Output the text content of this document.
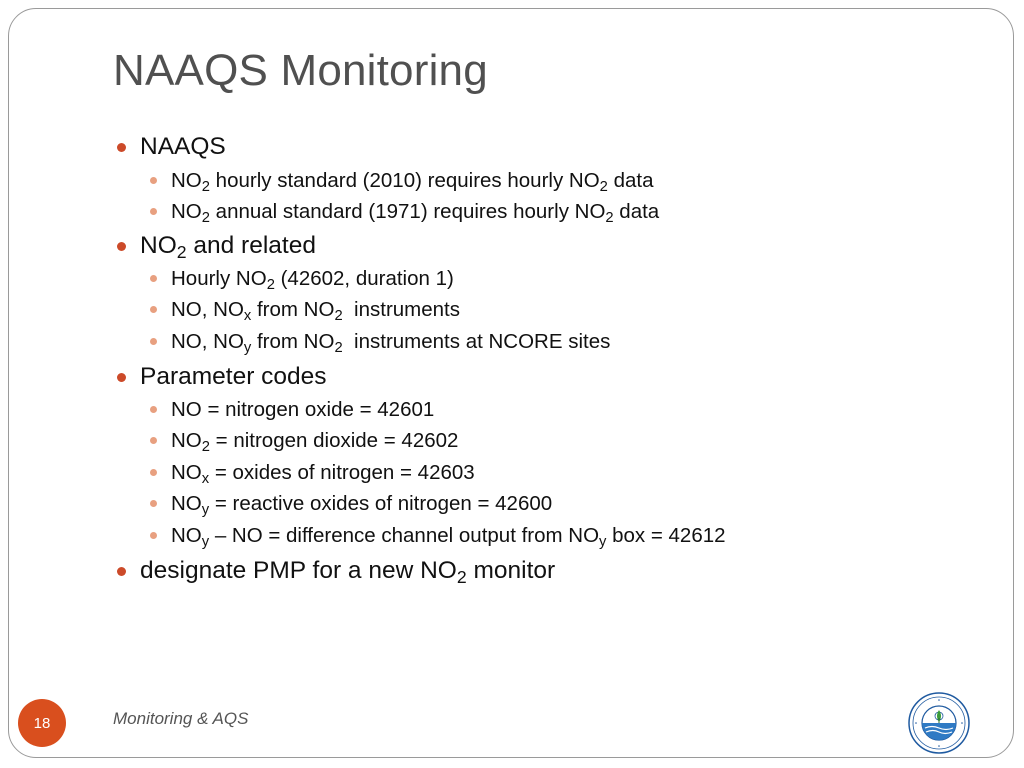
NAAQS Monitoring
NAAQS
$NO_2$ hourly standard (2010) requires hourly $NO_2$ data
$NO_2$ annual standard (1971) requires hourly $NO_2$ data
$NO_2$ and related
Hourly $NO_2$ (42602, duration 1)
NO, $NO_x$ from $NO_2$  instruments
NO, $NO_y$ from $NO_2$  instruments at NCORE sites
Parameter codes
NO = nitrogen oxide = 42601
$NO_2$ = nitrogen dioxide = 42602
$NO_x$ = oxides of nitrogen = 42603
$NO_y$ = reactive oxides of nitrogen = 42600
$NO_y$ – NO = difference channel output from $NO_y$ box = 42612
designate PMP for a new $NO_2$ monitor
18	Monitoring & AQS
